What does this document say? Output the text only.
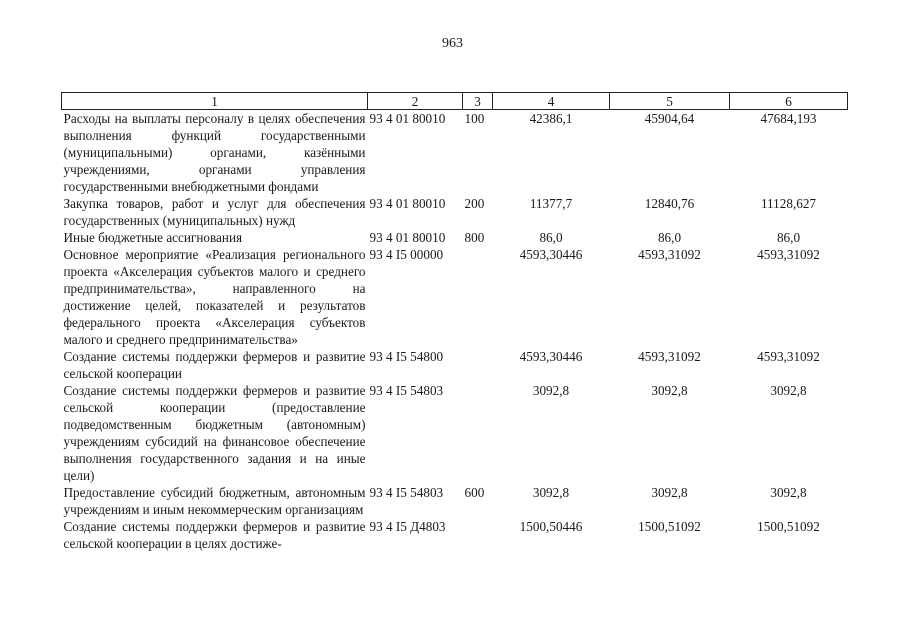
963
1	2	3	4	5	6
Расходы на выплаты персоналу в целях обеспечения выполнения функций государственными (муниципальными) органами, казёнными учреждениями, органами управления государственными внебюджетными фондами	93 4 01 80010	100	42386,1	45904,64	47684,193
Закупка товаров, работ и услуг для обеспечения государственных (муниципальных) нужд	93 4 01 80010	200	11377,7	12840,76	11128,627
Иные бюджетные ассигнования	93 4 01 80010	800	86,0	86,0	86,0
Основное мероприятие «Реализация регионального проекта «Акселерация субъектов малого и среднего предпринимательства», направленного на достижение целей, показателей и результатов федерального проекта «Акселерация субъектов малого и среднего предпринимательства»	93 4 I5 00000		4593,30446	4593,31092	4593,31092
Создание системы поддержки фермеров и развитие сельской кооперации	93 4 I5 54800		4593,30446	4593,31092	4593,31092
Создание системы поддержки фермеров и развитие сельской кооперации (предоставление подведомственным бюджетным (автономным) учреждениям субсидий на финансовое обеспечение выполнения государственного задания и на иные цели)	93 4 I5 54803		3092,8	3092,8	3092,8
Предоставление субсидий бюджетным, автономным учреждениям и иным некоммерческим организациям	93 4 I5 54803	600	3092,8	3092,8	3092,8
Создание системы поддержки фермеров и развитие сельской кооперации в целях достиже-	93 4 I5 Д4803		1500,50446	1500,51092	1500,51092
